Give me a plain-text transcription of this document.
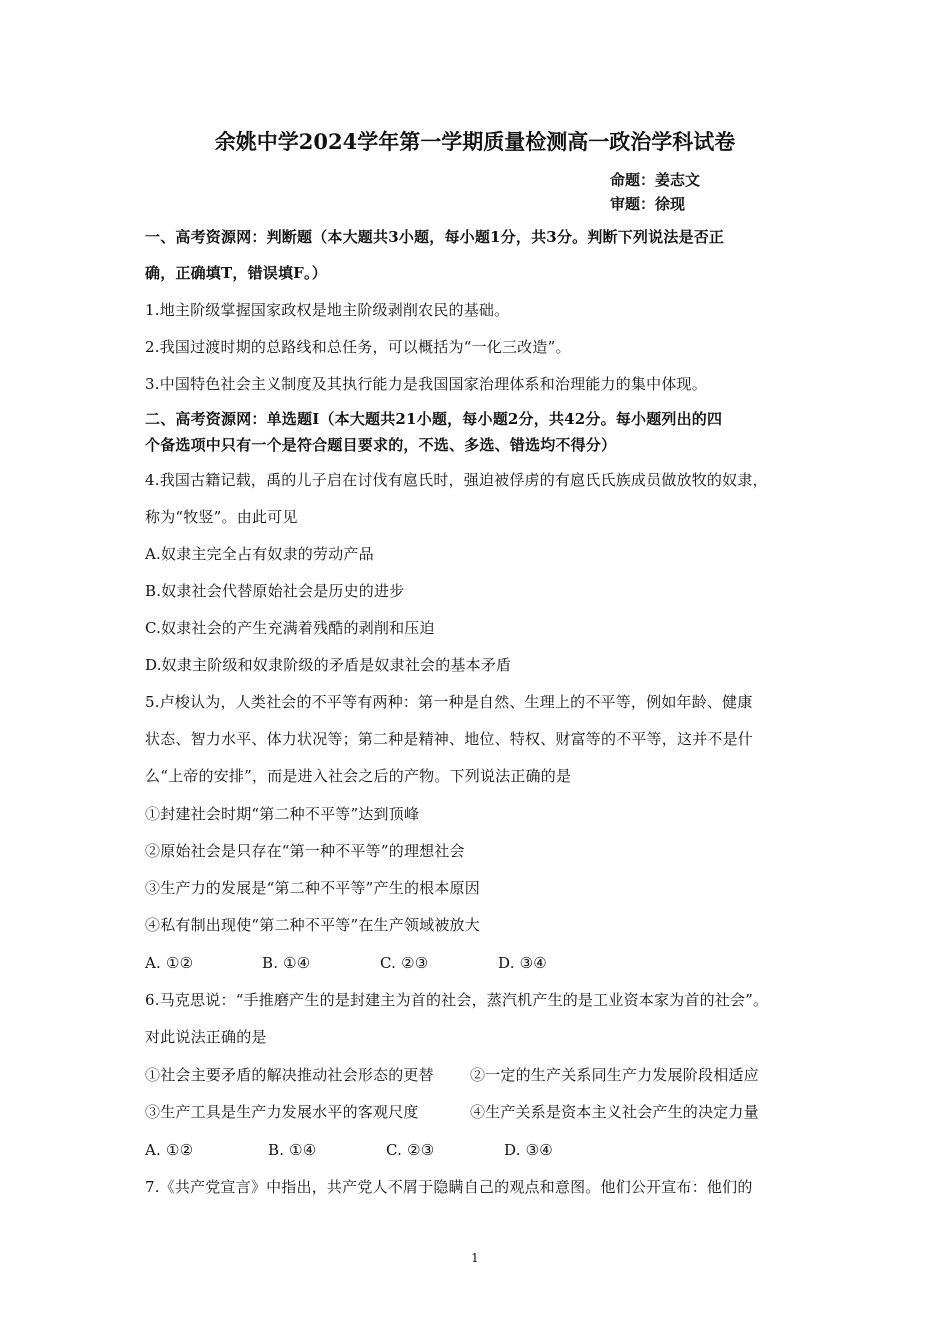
余姚中学2024学年第一学期质量检测高一政治学科试卷
命题：姜志文
审题：徐现
一、高考资源网：判断题（本大题共3小题，每小题1分，共3分。判断下列说法是否正
确，正确填T，错误填F。）
1.地主阶级掌握国家政权是地主阶级剥削农民的基础。
2.我国过渡时期的总路线和总任务，可以概括为“一化三改造”。
3.中国特色社会主义制度及其执行能力是我国国家治理体系和治理能力的集中体现。
二、高考资源网：单选题Ⅰ（本大题共21小题，每小题2分，共42分。每小题列出的四
个备选项中只有一个是符合题目要求的，不选、多选、错选均不得分）
4.我国古籍记载，禹的儿子启在讨伐有扈氏时，强迫被俘虏的有扈氏氏族成员做放牧的奴隶，
称为“牧竖”。由此可见
A.奴隶主完全占有奴隶的劳动产品
B.奴隶社会代替原始社会是历史的进步
C.奴隶社会的产生充满着残酷的剥削和压迫
D.奴隶主阶级和奴隶阶级的矛盾是奴隶社会的基本矛盾
5.卢梭认为，人类社会的不平等有两种：第一种是自然、生理上的不平等，例如年龄、健康
状态、智力水平、体力状况等；第二种是精神、地位、特权、财富等的不平等，这并不是什
么“上帝的安排”，而是进入社会之后的产物。下列说法正确的是
①封建社会时期“第二种不平等”达到顶峰
②原始社会是只存在“第一种不平等”的理想社会
③生产力的发展是“第二种不平等”产生的根本原因
④私有制出现使“第二种不平等”在生产领域被放大
A. ①②	B. ①④	C. ②③	D. ③④
6.马克思说：“手推磨产生的是封建主为首的社会，蒸汽机产生的是工业资本家为首的社会”。
对此说法正确的是
①社会主要矛盾的解决推动社会形态的更替 ②一定的生产关系同生产力发展阶段相适应
③生产工具是生产力发展水平的客观尺度	④生产关系是资本主义社会产生的决定力量
A. ①②	B. ①④	C. ②③	D. ③④
7.《共产党宣言》中指出，共产党人不屑于隐瞒自己的观点和意图。他们公开宣布：他们的
1
